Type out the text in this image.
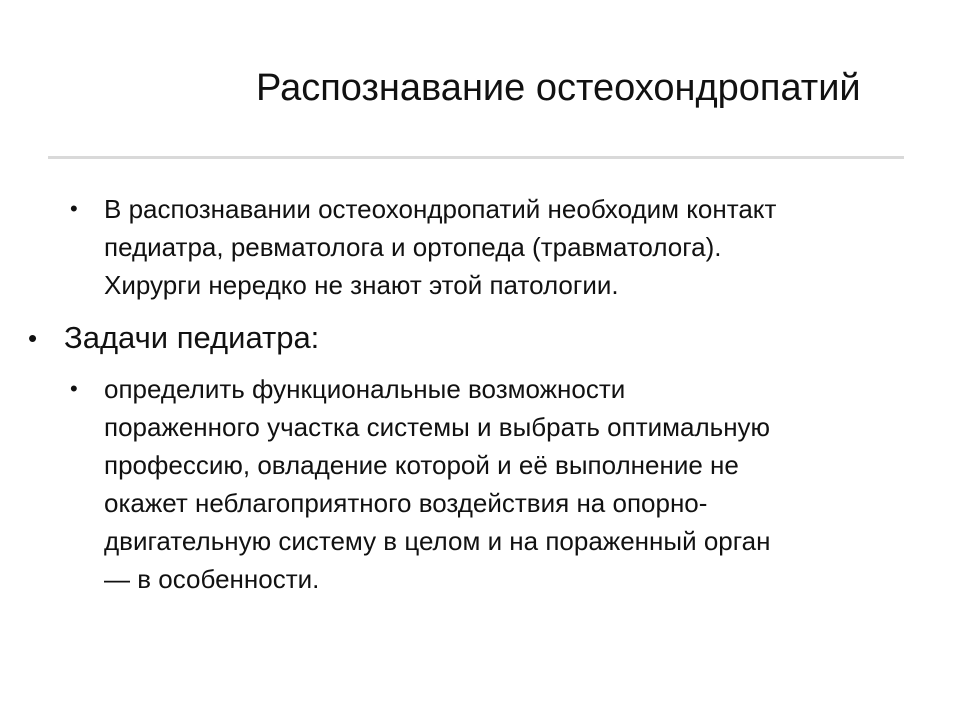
Распознавание остеохондропатий
• В распознавании остеохондропатий необходим контакт
педиатра, ревматолога и ортопеда (травматолога).
Хирурги нередко не знают этой патологии.
• Задачи педиатра:
• определить функциональные возможности
пораженного участка системы и выбрать оптимальную
профессию, овладение которой и её выполнение не
окажет неблагоприятного воздействия на опорно-
двигательную систему в целом и на пораженный орган
— в особенности.
